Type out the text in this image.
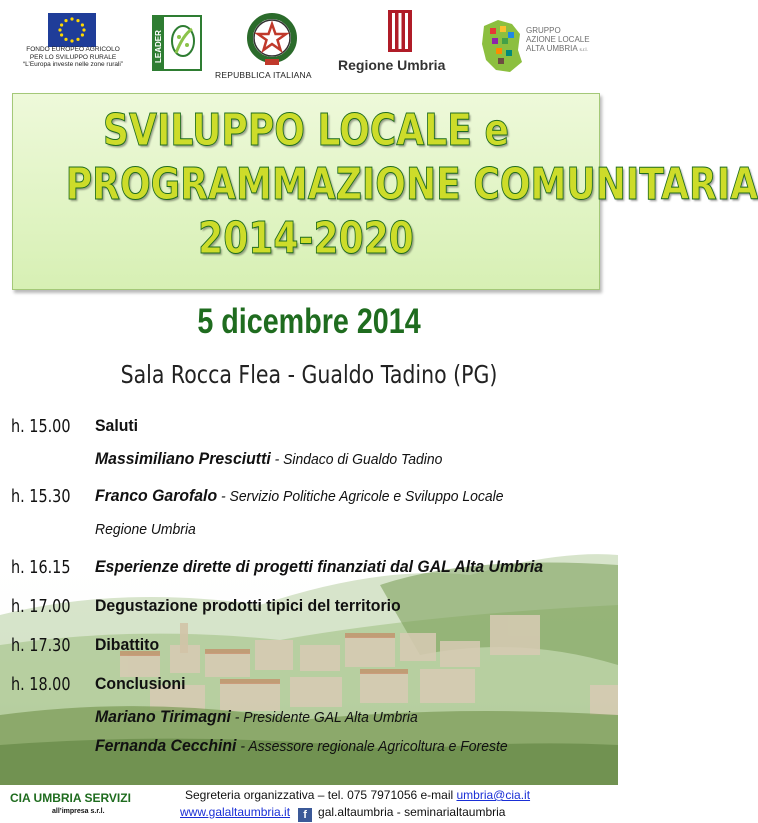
FONDO EUROPEO AGRICOLO
PER LO SVILUPPO RURALE
“L’Europa investe nelle zone rurali”
LEADER
REPUBBLICA ITALIANA
Regione Umbria
GRUPPO
AZIONE LOCALE
ALTA UMBRIA s.r.l.
SVILUPPO LOCALE e
PROGRAMMAZIONE COMUNITARIA
2014-2020
5 dicembre 2014
Sala Rocca Flea - Gualdo Tadino (PG)
h. 15.00 Saluti
Massimiliano Presciutti - Sindaco di Gualdo Tadino
h. 15.30 Franco Garofalo - Servizio Politiche Agricole e Sviluppo Locale
Regione Umbria
h. 16.15 Esperienze dirette di progetti finanziati dal GAL Alta Umbria
h. 17.00 Degustazione prodotti tipici del territorio
h. 17.30 Dibattito
h. 18.00 Conclusioni
Mariano Tirimagni - Presidente GAL Alta Umbria
Fernanda Cecchini - Assessore regionale Agricoltura e Foreste
CIA UMBRIA SERVIZI
all’impresa s.r.l.
Segreteria organizzativa – tel. 075 7971056 e-mail umbria@cia.it
www.galaltaumbria.it f gal.altaumbria - seminarialtaumbria
